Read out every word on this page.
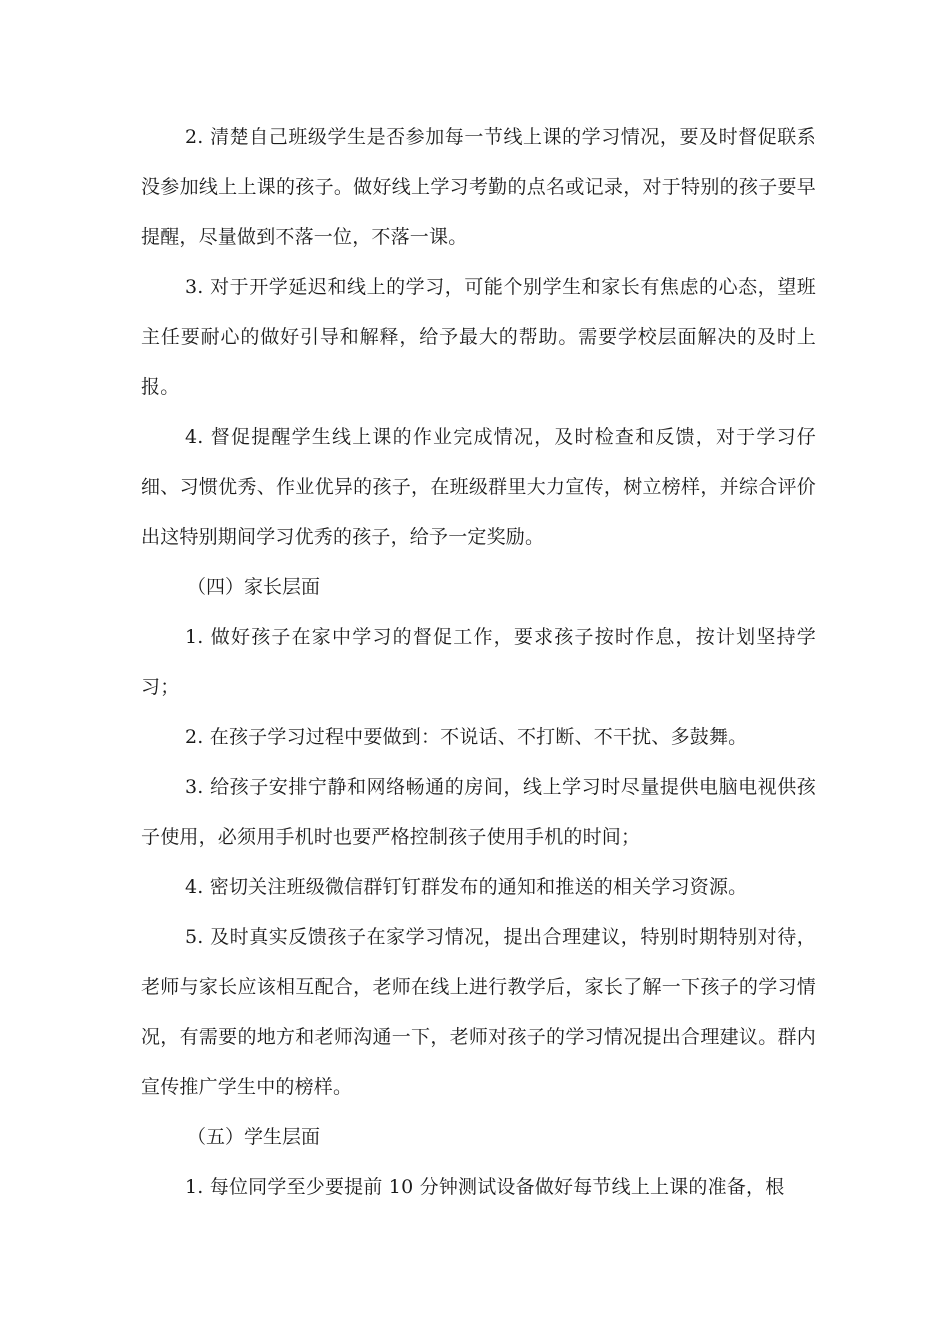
2. 清楚自己班级学生是否参加每一节线上课的学习情况，要及时督促联系没参加线上上课的孩子。做好线上学习考勤的点名或记录，对于特别的孩子要早提醒，尽量做到不落一位，不落一课。

3. 对于开学延迟和线上的学习，可能个别学生和家长有焦虑的心态，望班主任要耐心的做好引导和解释，给予最大的帮助。需要学校层面解决的及时上报。

4. 督促提醒学生线上课的作业完成情况，及时检查和反馈，对于学习仔细、习惯优秀、作业优异的孩子，在班级群里大力宣传，树立榜样，并综合评价出这特别期间学习优秀的孩子，给予一定奖励。

（四）家长层面

1. 做好孩子在家中学习的督促工作，要求孩子按时作息，按计划坚持学习；

2. 在孩子学习过程中要做到：不说话、不打断、不干扰、多鼓舞。

3. 给孩子安排宁静和网络畅通的房间，线上学习时尽量提供电脑电视供孩子使用，必须用手机时也要严格控制孩子使用手机的时间；

4. 密切关注班级微信群钉钉群发布的通知和推送的相关学习资源。

5. 及时真实反馈孩子在家学习情况，提出合理建议，特别时期特别对待，老师与家长应该相互配合，老师在线上进行教学后，家长了解一下孩子的学习情况，有需要的地方和老师沟通一下，老师对孩子的学习情况提出合理建议。群内宣传推广学生中的榜样。

（五）学生层面

1. 每位同学至少要提前 10 分钟测试设备做好每节线上上课的准备，根
